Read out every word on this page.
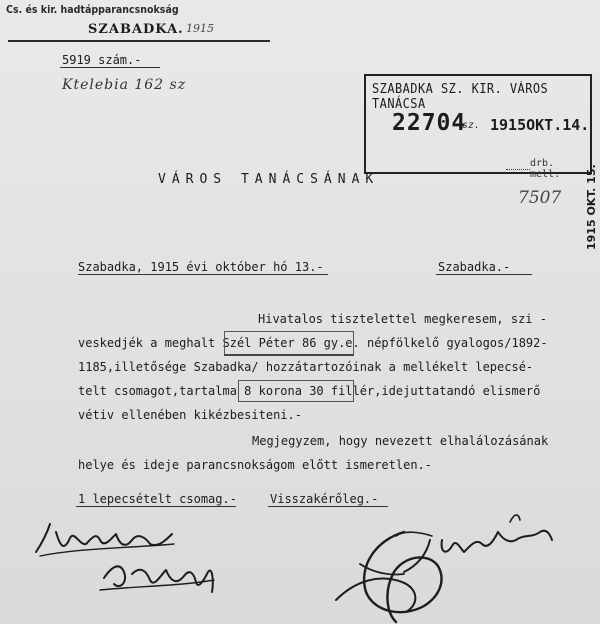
Cs. és kir. hadtápparancsnokság
SZABADKA. 1915
5919 szám.-
Ktelebia 162 sz	SZABADKA SZ. KIR. VÁROS TANÁCSA
22704
sz. 1915OKT.14.
drb. mell.
7507 1915 OKT. 15.
VÁROS TANÁCSÁNAK
Szabadka, 1915 évi október hó 13.-	Szabadka.-
Hivatalos tisztelettel megkeresem, szi -
veskedjék a meghalt Szél Péter 86 gy.e. népfölkelő gyalogos/1892-
1185,illetősége Szabadka/ hozzátartozóinak a mellékelt lepecsé-
telt csomagot,tartalma 8 korona 30 fillér,idejuttatandó elismerő
vétiv ellenében kikézbesiteni.-
Megjegyzem, hogy nevezett elhalálozásának
helye és ideje parancsnokságom előtt ismeretlen.-
1 lepecsételt csomag.-	Visszakérőleg.-
